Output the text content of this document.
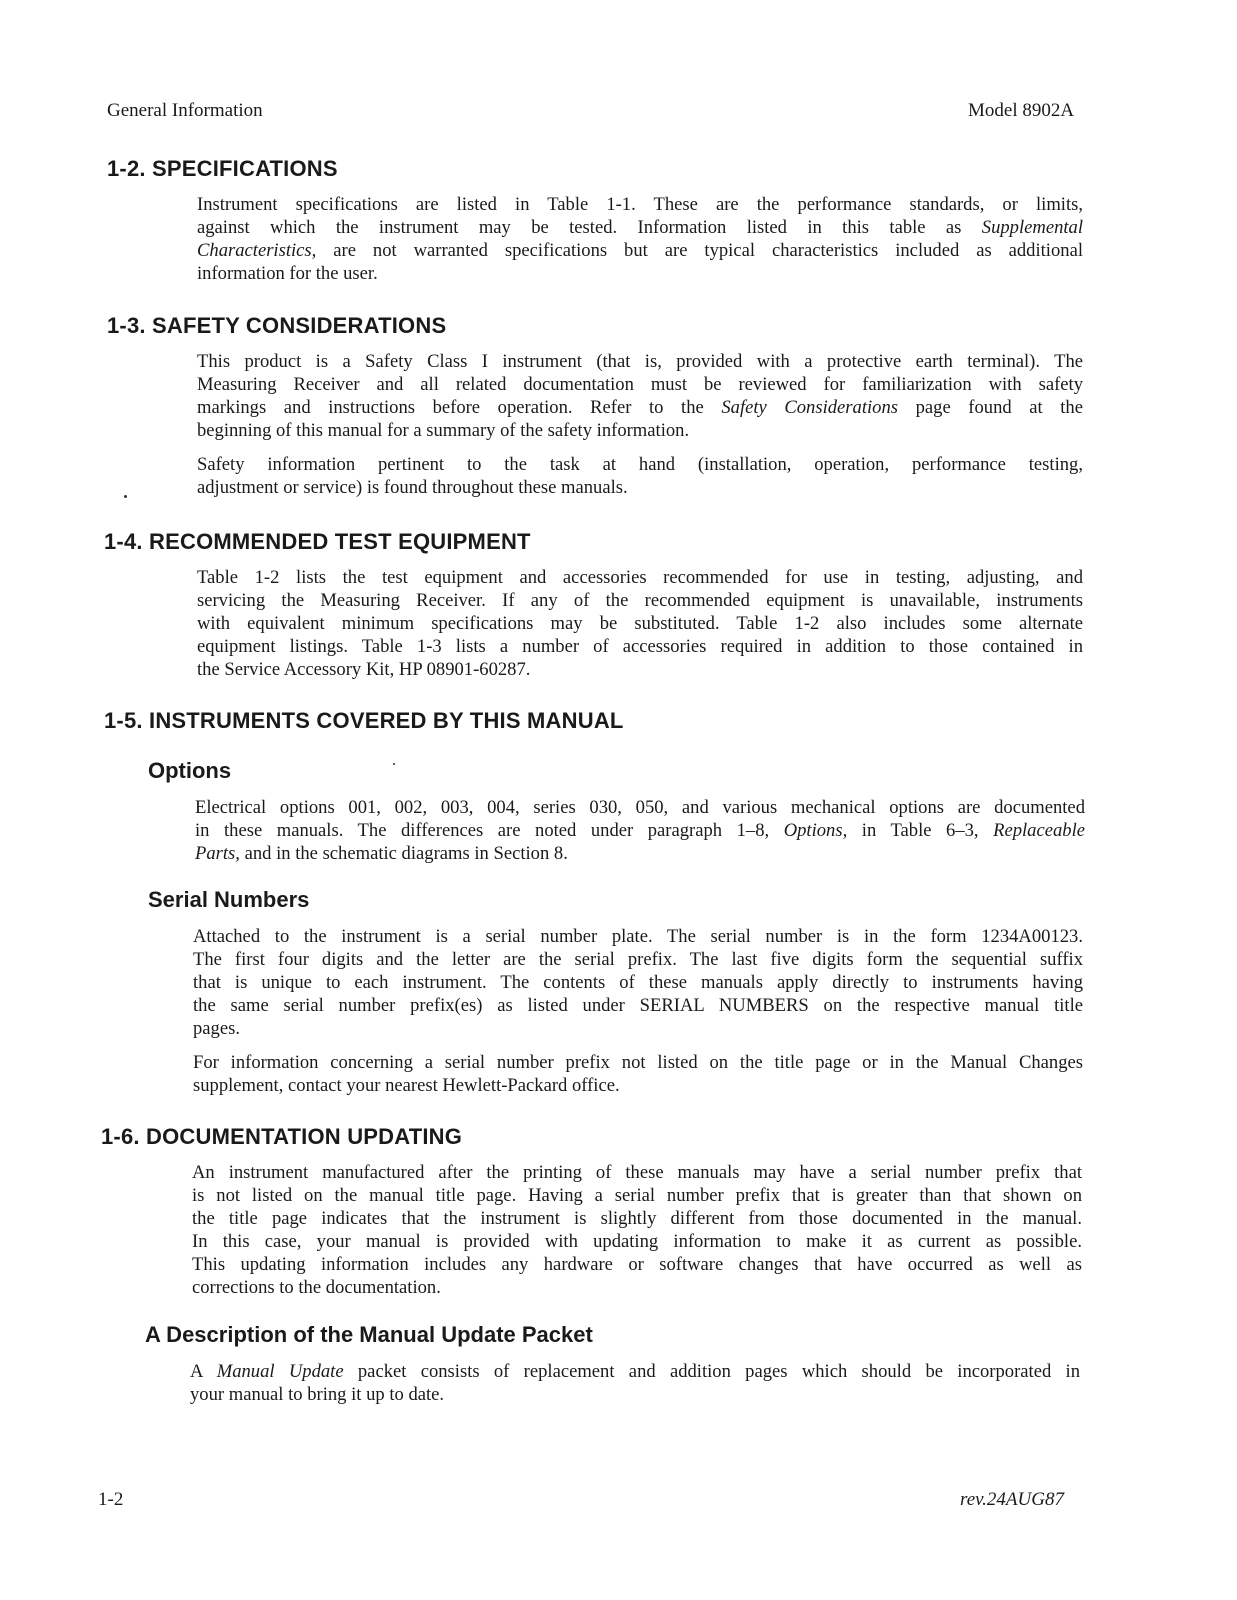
General Information	Model 8902A
1-2. SPECIFICATIONS
Instrument specifications are listed in Table 1-1. These are the performance standards, or limits,
against which the instrument may be tested. Information listed in this table as Supplemental
Characteristics, are not warranted specifications but are typical characteristics included as additional
information for the user.
1-3. SAFETY CONSIDERATIONS
This product is a Safety Class I instrument (that is, provided with a protective earth terminal). The
Measuring Receiver and all related documentation must be reviewed for familiarization with safety
markings and instructions before operation. Refer to the Safety Considerations page found at the
beginning of this manual for a summary of the safety information.
Safety information pertinent to the task at hand (installation, operation, performance testing,
adjustment or service) is found throughout these manuals.
1-4. RECOMMENDED TEST EQUIPMENT
Table 1-2 lists the test equipment and accessories recommended for use in testing, adjusting, and
servicing the Measuring Receiver. If any of the recommended equipment is unavailable, instruments
with equivalent minimum specifications may be substituted. Table 1-2 also includes some alternate
equipment listings. Table 1-3 lists a number of accessories required in addition to those contained in
the Service Accessory Kit, HP 08901-60287.
1-5. INSTRUMENTS COVERED BY THIS MANUAL
Options
Electrical options 001, 002, 003, 004, series 030, 050, and various mechanical options are documented
in these manuals. The differences are noted under paragraph 1–8, Options, in Table 6–3, Replaceable
Parts, and in the schematic diagrams in Section 8.
Serial Numbers
Attached to the instrument is a serial number plate. The serial number is in the form 1234A00123.
The first four digits and the letter are the serial prefix. The last five digits form the sequential suffix
that is unique to each instrument. The contents of these manuals apply directly to instruments having
the same serial number prefix(es) as listed under SERIAL NUMBERS on the respective manual title
pages.
For information concerning a serial number prefix not listed on the title page or in the Manual Changes
supplement, contact your nearest Hewlett-Packard office.
1-6. DOCUMENTATION UPDATING
An instrument manufactured after the printing of these manuals may have a serial number prefix that
is not listed on the manual title page. Having a serial number prefix that is greater than that shown on
the title page indicates that the instrument is slightly different from those documented in the manual.
In this case, your manual is provided with updating information to make it as current as possible.
This updating information includes any hardware or software changes that have occurred as well as
corrections to the documentation.
A Description of the Manual Update Packet
A Manual Update packet consists of replacement and addition pages which should be incorporated in
your manual to bring it up to date.
1-2	rev.24AUG87
